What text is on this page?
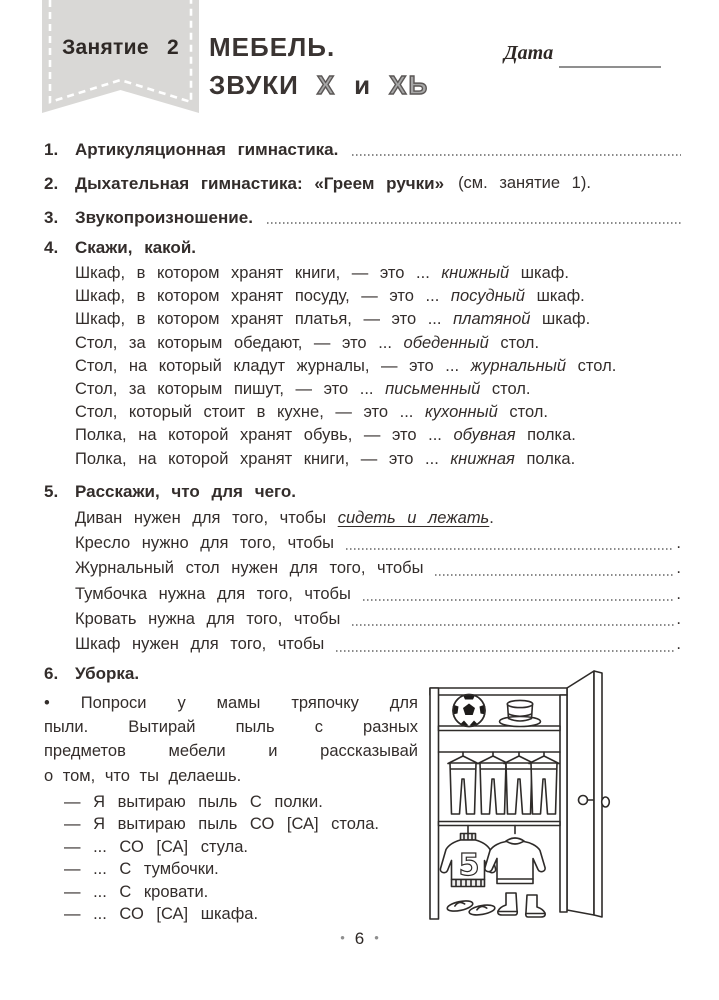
Занятие 2	МЕБЕЛЬ.
ЗВУКИ Х и ХЬ
Дата
1. Артикуляционная гимнастика.
2. Дыхательная гимнастика: «Греем ручки» (см. занятие 1).
3. Звукопроизношение.
4. Скажи, какой.
Шкаф, в котором хранят книги, — это ... книжный шкаф.
Шкаф, в котором хранят посуду, — это ... посудный шкаф.
Шкаф, в котором хранят платья, — это ... платяной шкаф.
Стол, за которым обедают, — это ... обеденный стол.
Стол, на который кладут журналы, — это ... журнальный стол.
Стол, за которым пишут, — это ... письменный стол.
Стол, который стоит в кухне, — это ... кухонный стол.
Полка, на которой хранят обувь, — это ... обувная полка.
Полка, на которой хранят книги, — это ... книжная полка.
5. Расскажи, что для чего.
Диван нужен для того, чтобы сидеть и лежать.
Кресло нужно для того, чтобы	.
Журнальный стол нужен для того, чтобы	.
Тумбочка нужна для того, чтобы	.
Кровать нужна для того, чтобы	.
Шкаф нужен для того, чтобы	.
6. Уборка.
• Попроси у мамы тряпочку для
пыли. Вытирай пыль с разных
предметов мебели и рассказывай
о том, что ты делаешь.
— Я вытираю пыль С полки.
— Я вытираю пыль СО [СА] стола.
— ... СО [СА] стула.
— ... С тумбочки.
— ... С кровати.
— ... СО [СА] шкафа.
5
• 6 •
